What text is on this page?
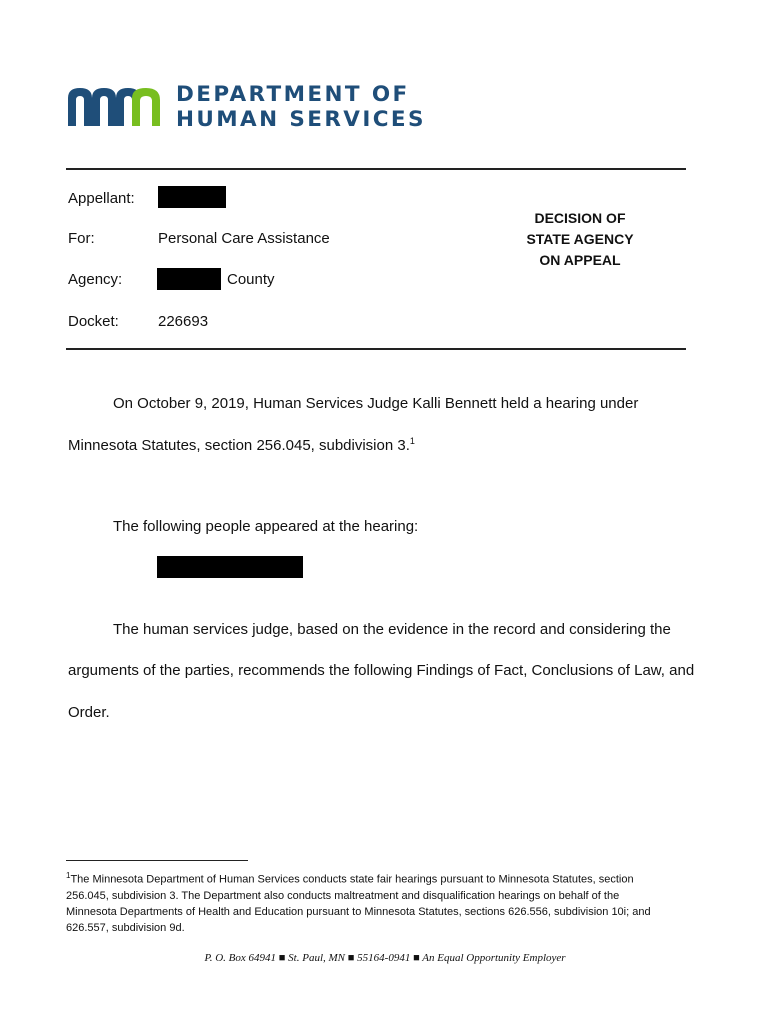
DEPARTMENT OF
HUMAN SERVICES
Appellant:
For:	Personal Care Assistance
Agency:	County
Docket:	226693
DECISION OF
STATE AGENCY
ON APPEAL
On October 9, 2019, Human Services Judge Kalli Bennett held a hearing under
Minnesota Statutes, section 256.045, subdivision 3.$^1$
The following people appeared at the hearing:
The human services judge, based on the evidence in the record and considering the
arguments of the parties, recommends the following Findings of Fact, Conclusions of Law, and
Order.
$^1$The Minnesota Department of Human Services conducts state fair hearings pursuant to Minnesota Statutes, section
256.045, subdivision 3. The Department also conducts maltreatment and disqualification hearings on behalf of the
Minnesota Departments of Health and Education pursuant to Minnesota Statutes, sections 626.556, subdivision 10i; and
626.557, subdivision 9d.
P. O. Box 64941 ■ St. Paul, MN ■ 55164-0941 ■ An Equal Opportunity Employer
